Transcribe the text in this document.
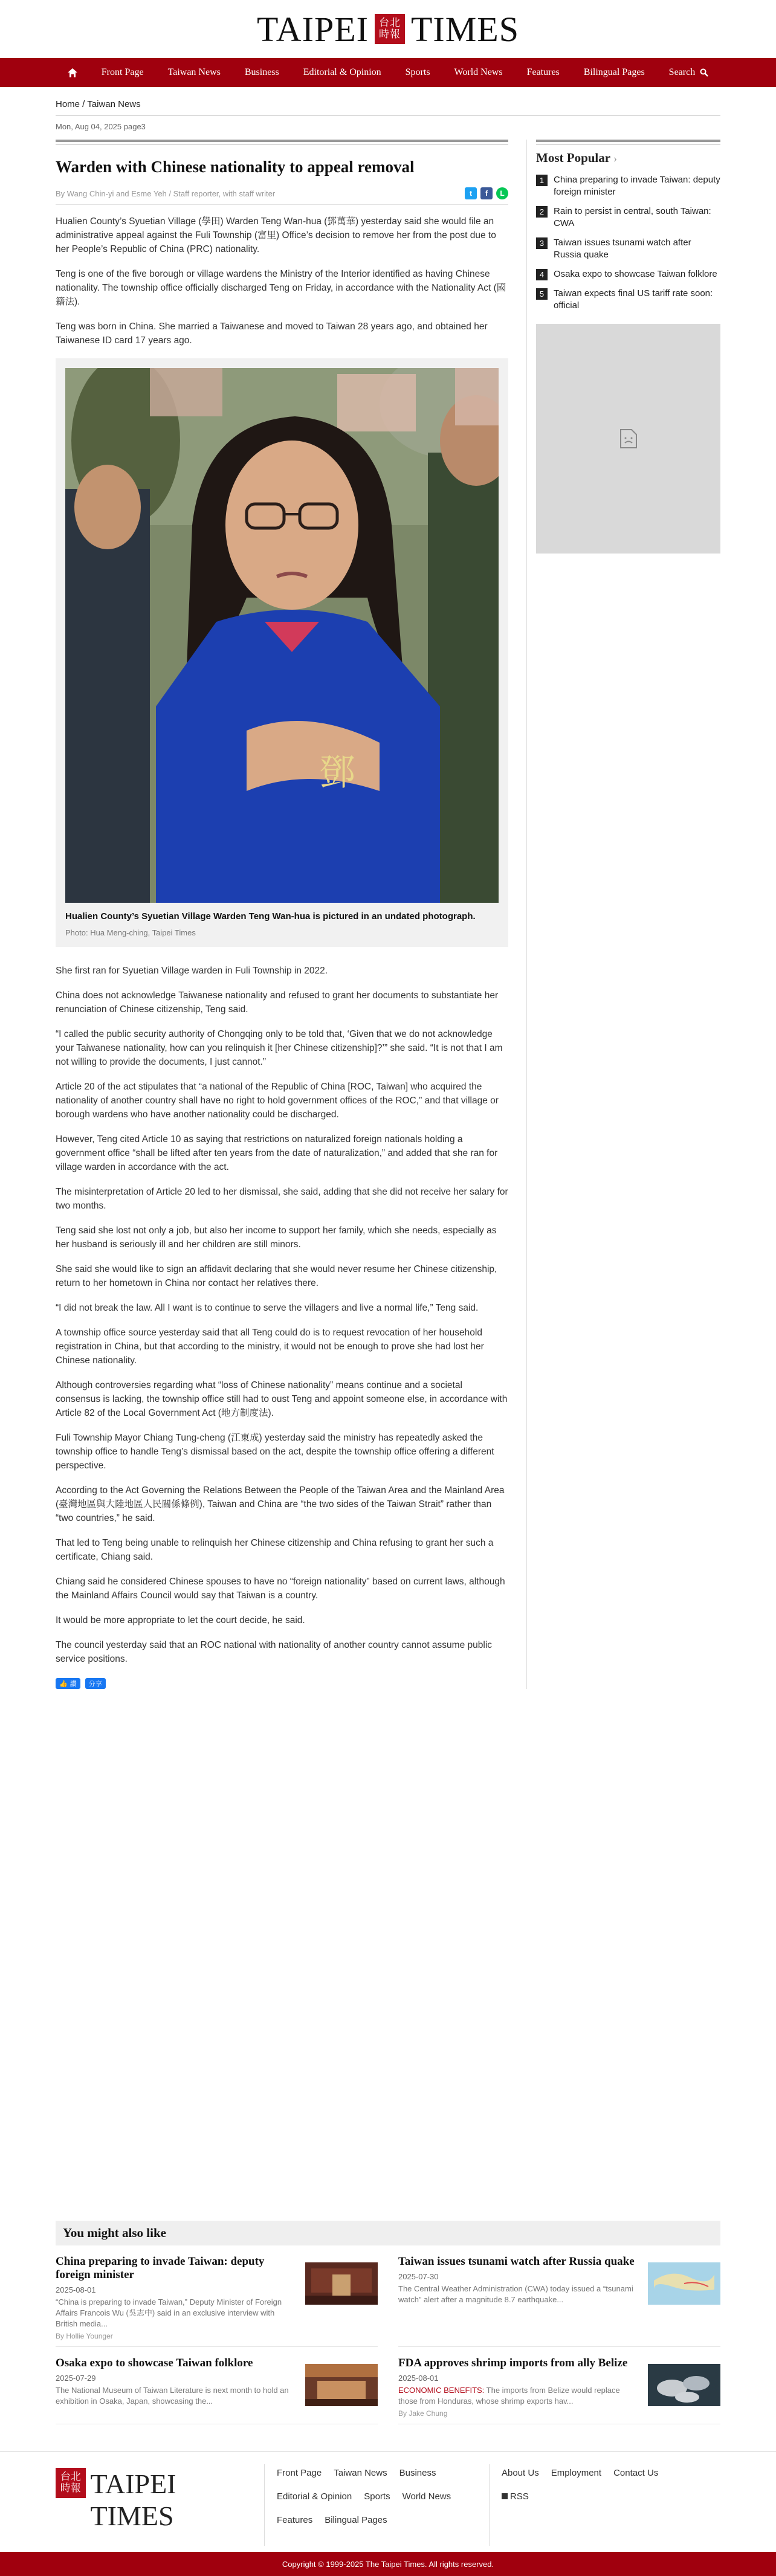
TAIPEI	台北時報 TIMES
Front Page	Taiwan News	Business	Editorial & Opinion	Sports	World News	Features	Bilingual Pages	Search
Home / Taiwan News
Mon, Aug 04, 2025 page3
Warden with Chinese nationality to appeal removal
By Wang Chin-yi and Esme Yeh / Staff reporter, with staff writer	t	f	L

Hualien County’s Syuetian Village (學田) Warden Teng Wan-hua (鄧萬華) yesterday said she would file an administrative appeal against the Fuli Township (富里) Office’s decision to remove her from the post due to her People’s Republic of China (PRC) nationality.

Teng is one of the five borough or village wardens the Ministry of the Interior identified as having Chinese nationality. The township office officially discharged Teng on Friday, in accordance with the Nationality Act (國籍法).

Teng was born in China. She married a Taiwanese and moved to Taiwan 28 years ago, and obtained her Taiwanese ID card 17 years ago.

鄧
Hualien County’s Syuetian Village Warden Teng Wan-hua is pictured in an undated photograph.
Photo: Hua Meng-ching, Taipei Times

She first ran for Syuetian Village warden in Fuli Township in 2022.

China does not acknowledge Taiwanese nationality and refused to grant her documents to substantiate her renunciation of Chinese citizenship, Teng said.

“I called the public security authority of Chongqing only to be told that, ‘Given that we do not acknowledge your Taiwanese nationality, how can you relinquish it [her Chinese citizenship]?’” she said. “It is not that I am not willing to provide the documents, I just cannot.”

Article 20 of the act stipulates that “a national of the Republic of China [ROC, Taiwan] who acquired the nationality of another country shall have no right to hold government offices of the ROC,” and that village or borough wardens who have another nationality could be discharged.

However, Teng cited Article 10 as saying that restrictions on naturalized foreign nationals holding a government office “shall be lifted after ten years from the date of naturalization,” and added that she ran for village warden in accordance with the act.

The misinterpretation of Article 20 led to her dismissal, she said, adding that she did not receive her salary for two months.

Teng said she lost not only a job, but also her income to support her family, which she needs, especially as her husband is seriously ill and her children are still minors.

She said she would like to sign an affidavit declaring that she would never resume her Chinese citizenship, return to her hometown in China nor contact her relatives there.

“I did not break the law. All I want is to continue to serve the villagers and live a normal life,” Teng said.

A township office source yesterday said that all Teng could do is to request revocation of her household registration in China, but that according to the ministry, it would not be enough to prove she had lost her Chinese nationality.

Although controversies regarding what “loss of Chinese nationality” means continue and a societal consensus is lacking, the township office still had to oust Teng and appoint someone else, in accordance with Article 82 of the Local Government Act (地方制度法).

Fuli Township Mayor Chiang Tung-cheng (江東成) yesterday said the ministry has repeatedly asked the township office to handle Teng’s dismissal based on the act, despite the township office offering a different perspective.

According to the Act Governing the Relations Between the People of the Taiwan Area and the Mainland Area (臺灣地區與大陸地區人民關係條例), Taiwan and China are “the two sides of the Taiwan Strait” rather than “two countries,” he said.

That led to Teng being unable to relinquish her Chinese citizenship and China refusing to grant her such a certificate, Chiang said.

Chiang said he considered Chinese spouses to have no “foreign nationality” based on current laws, although the Mainland Affairs Council would say that Taiwan is a country.

It would be more appropriate to let the court decide, he said.

The council yesterday said that an ROC national with nationality of another country cannot assume public service positions.

👍 讚 分享
Most Popular ›
1	China preparing to invade Taiwan: deputy foreign minister
2	Rain to persist in central, south Taiwan: CWA
3	Taiwan issues tsunami watch after Russia quake
4	Osaka expo to showcase Taiwan folklore
5	Taiwan expects final US tariff rate soon: official
You might also like
China preparing to invade Taiwan: deputy foreign minister
2025-08-01
“China is preparing to invade Taiwan,” Deputy Minister of Foreign Affairs Francois Wu (吳志中) said in an exclusive interview with British media...
By Hollie Younger
Taiwan issues tsunami watch after Russia quake
2025-07-30
The Central Weather Administration (CWA) today issued a “tsunami watch” alert after a magnitude 8.7 earthquake...
Osaka expo to showcase Taiwan folklore
2025-07-29
The National Museum of Taiwan Literature is next month to hold an exhibition in Osaka, Japan, showcasing the...
FDA approves shrimp imports from ally Belize
2025-08-01
ECONOMIC BENEFITS: The imports from Belize would replace those from Honduras, whose shrimp exports hav...
By Jake Chung
台北時報 TAIPEI TIMES
Front Page Taiwan News Business
Editorial & Opinion Sports World News
Features Bilingual Pages
About Us Employment Contact Us
RSS
Copyright © 1999-2025 The Taipei Times. All rights reserved.
